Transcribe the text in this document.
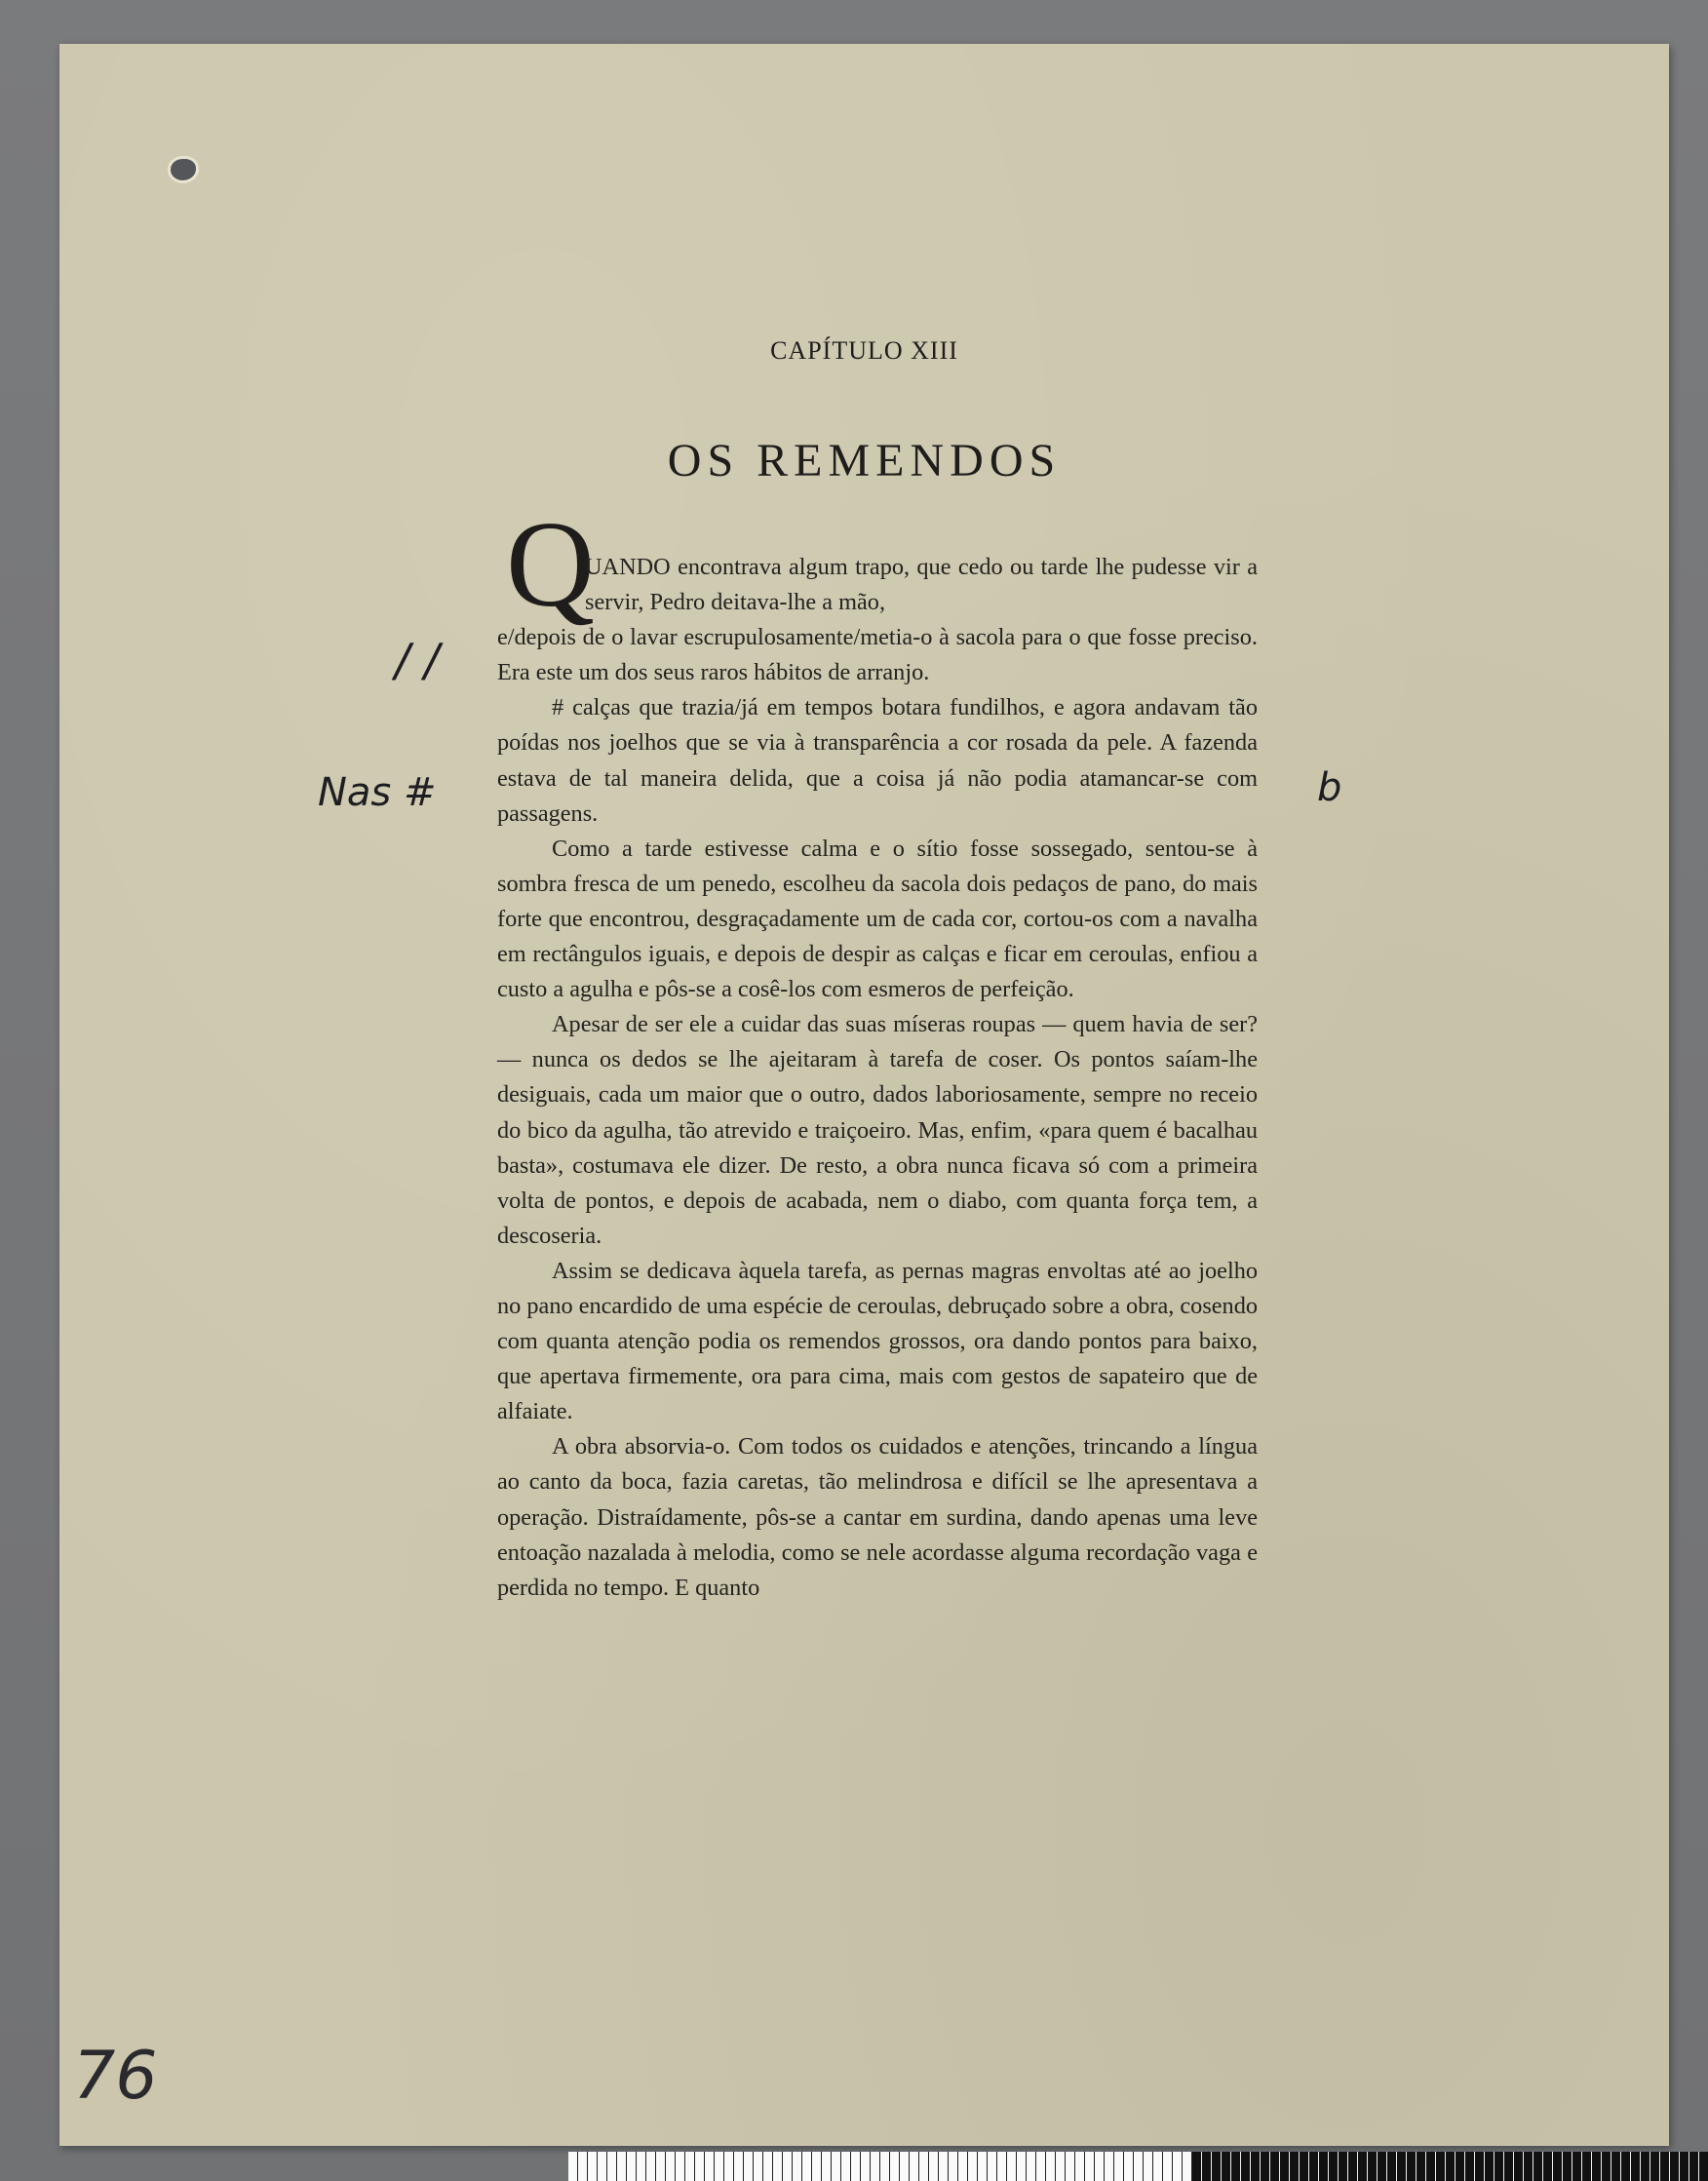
CAPÍTULO XIII
OS REMENDOS
Q

UANDO encontrava algum trapo, que cedo ou tarde lhe pudesse vir a servir, Pedro deitava-lhe a mão,
e/depois de o lavar escrupulosamente/metia-o à sacola para o que fosse preciso. Era este um dos seus raros hábitos de arranjo.

# calças que trazia/já em tempos botara fundilhos, e agora andavam tão poídas nos joelhos que se via à transparência a cor rosada da pele. A fazenda estava de tal maneira delida, que a coisa já não podia atamancar-se com passagens.

Como a tarde estivesse calma e o sítio fosse sossegado, sentou-se à sombra fresca de um penedo, escolheu da sacola dois pedaços de pano, do mais forte que encontrou, desgraçadamente um de cada cor, cortou-os com a navalha em rectângulos iguais, e depois de despir as calças e ficar em ceroulas, enfiou a custo a agulha e pôs-se a cosê-los com esmeros de perfeição.

Apesar de ser ele a cuidar das suas míseras roupas — quem havia de ser? — nunca os dedos se lhe ajeitaram à tarefa de coser. Os pontos saíam-lhe desiguais, cada um maior que o outro, dados laboriosamente, sempre no receio do bico da agulha, tão atrevido e traiçoeiro. Mas, enfim, «para quem é bacalhau basta», costumava ele dizer. De resto, a obra nunca ficava só com a primeira volta de pontos, e depois de acabada, nem o diabo, com quanta força tem, a descoseria.

Assim se dedicava àquela tarefa, as pernas magras envoltas até ao joelho no pano encardido de uma espécie de ceroulas, debruçado sobre a obra, cosendo com quanta atenção podia os remendos grossos, ora dando pontos para baixo, que apertava firmemente, ora para cima, mais com gestos de sapateiro que de alfaiate.

A obra absorvia-o. Com todos os cuidados e atenções, trincando a língua ao canto da boca, fazia caretas, tão melindrosa e difícil se lhe apresentava a operação. Distraídamente, pôs-se a cantar em surdina, dando apenas uma leve entoação nazalada à melodia, como se nele acordasse alguma recordação vaga e perdida no tempo. E quanto

/ /
Nas #	b
76
